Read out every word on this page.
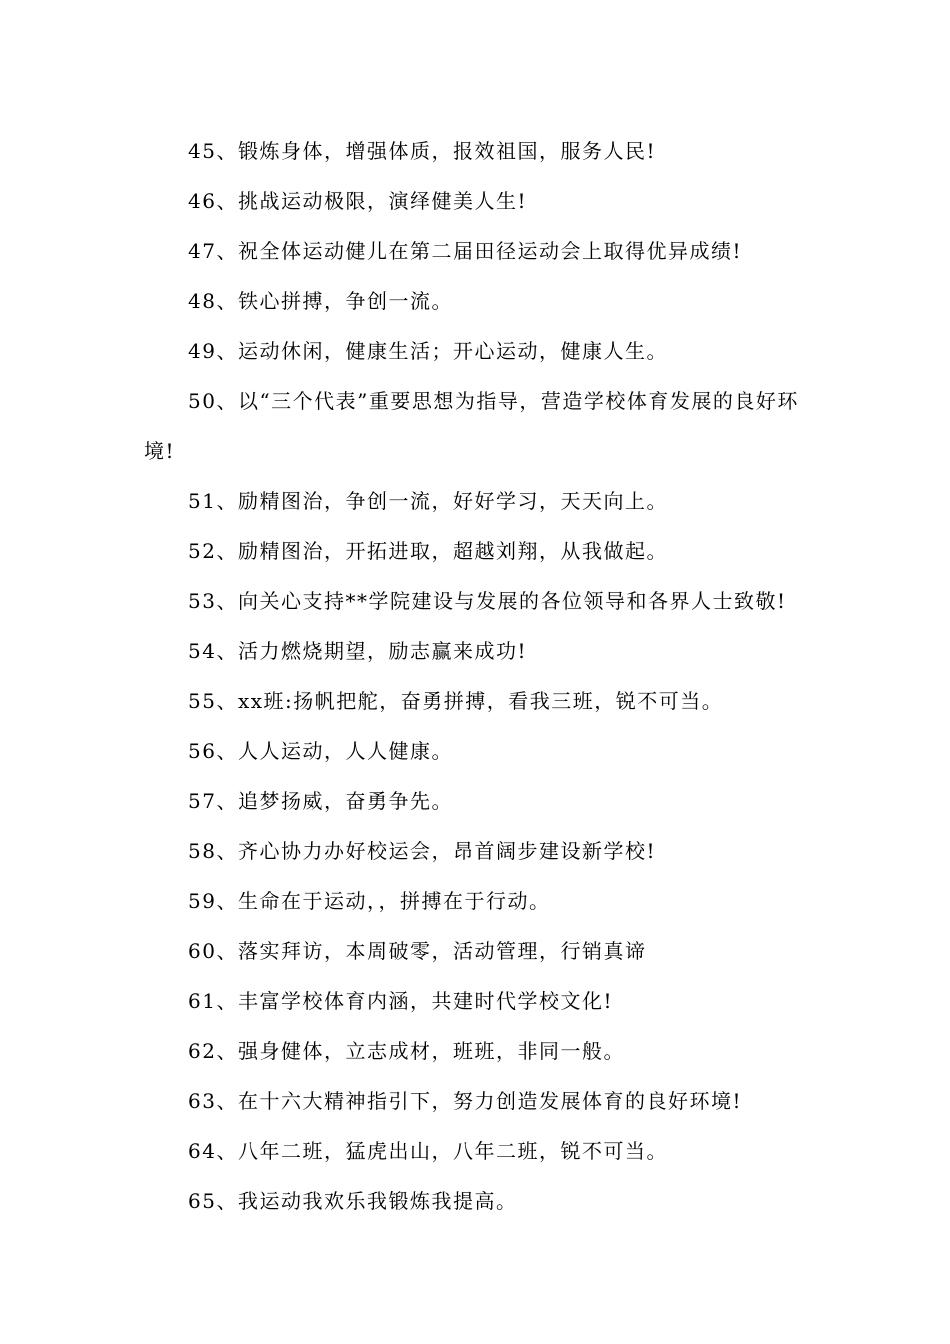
45、锻炼身体，增强体质，报效祖国，服务人民!

46、挑战运动极限，演绎健美人生!

47、祝全体运动健儿在第二届田径运动会上取得优异成绩!

48、铁心拼搏，争创一流。

49、运动休闲，健康生活；开心运动，健康人生。

50、以“三个代表”重要思想为指导，营造学校体育发展的良好环境!

51、励精图治，争创一流，好好学习，天天向上。

52、励精图治，开拓进取，超越刘翔，从我做起。

53、向关心支持**学院建设与发展的各位领导和各界人士致敬!

54、活力燃烧期望，励志赢来成功!

55、xx班:扬帆把舵，奋勇拼搏，看我三班，锐不可当。

56、人人运动，人人健康。

57、追梦扬威，奋勇争先。

58、齐心协力办好校运会，昂首阔步建设新学校!

59、生命在于运动，，拼搏在于行动。

60、落实拜访，本周破零，活动管理，行销真谛

61、丰富学校体育内涵，共建时代学校文化!

62、强身健体，立志成材，班班，非同一般。

63、在十六大精神指引下，努力创造发展体育的良好环境!

64、八年二班，猛虎出山，八年二班，锐不可当。

65、我运动我欢乐我锻炼我提高。
